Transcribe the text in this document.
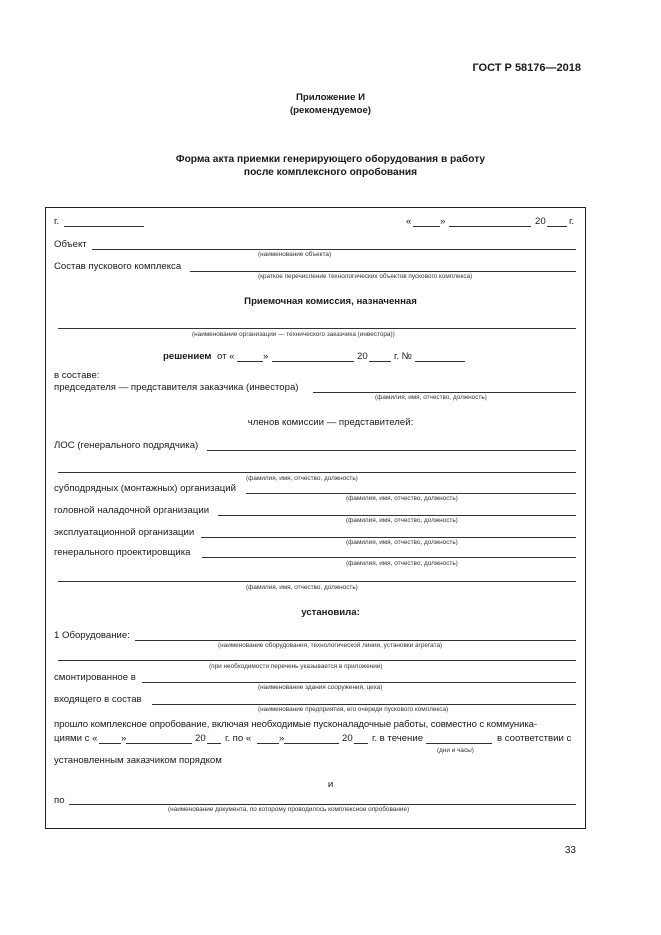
ГОСТ Р 58176—2018
Приложение И
(рекомендуемое)
Форма акта приемки генерирующего оборудования в работу
после комплексного опробования
г.	«	»	20 г.
Объект
(наименование объекта)
Состав пускового комплекса
(краткое перечисление технологических объектов пускового комплекса)
Приемочная комиссия, назначенная
(наименование организации — технического заказчика (инвестора))
решением от «	»	20	г. №
в составе:
председателя — представителя заказчика (инвестора)
(фамилия, имя, отчество, должность)
членов комиссии — представителей:
ЛОС (генерального подрядчика)
(фамилия, имя, отчество, должность)
субподрядных (монтажных) организаций
(фамилия, имя, отчество, должность)
головной наладочной организации
(фамилия, имя, отчество, должность)
эксплуатационной организации
(фамилия, имя, отчество, должность)
генерального проектировщика
(фамилия, имя, отчество, должность)
(фамилия, имя, отчество, должность)
установила:
1 Оборудование:
(наименование оборудования, технологической линии, установки агрегата)
(при необходимости перечень указывается в приложении)
смонтированное в
(наименование здания сооружения, цеха)
входящего в состав
(наименование предприятия, его очереди пускового комплекса)
прошло комплексное опробование, включая необходимые пусконаладочные работы, совместно с коммуника-
циями с « »	20 г. по «	»	20 г. в течение	в соответствии с
(дни и часы)
установленным заказчиком порядком
и
по
(наименование документа, по которому проводилось комплексное опробование)
33
